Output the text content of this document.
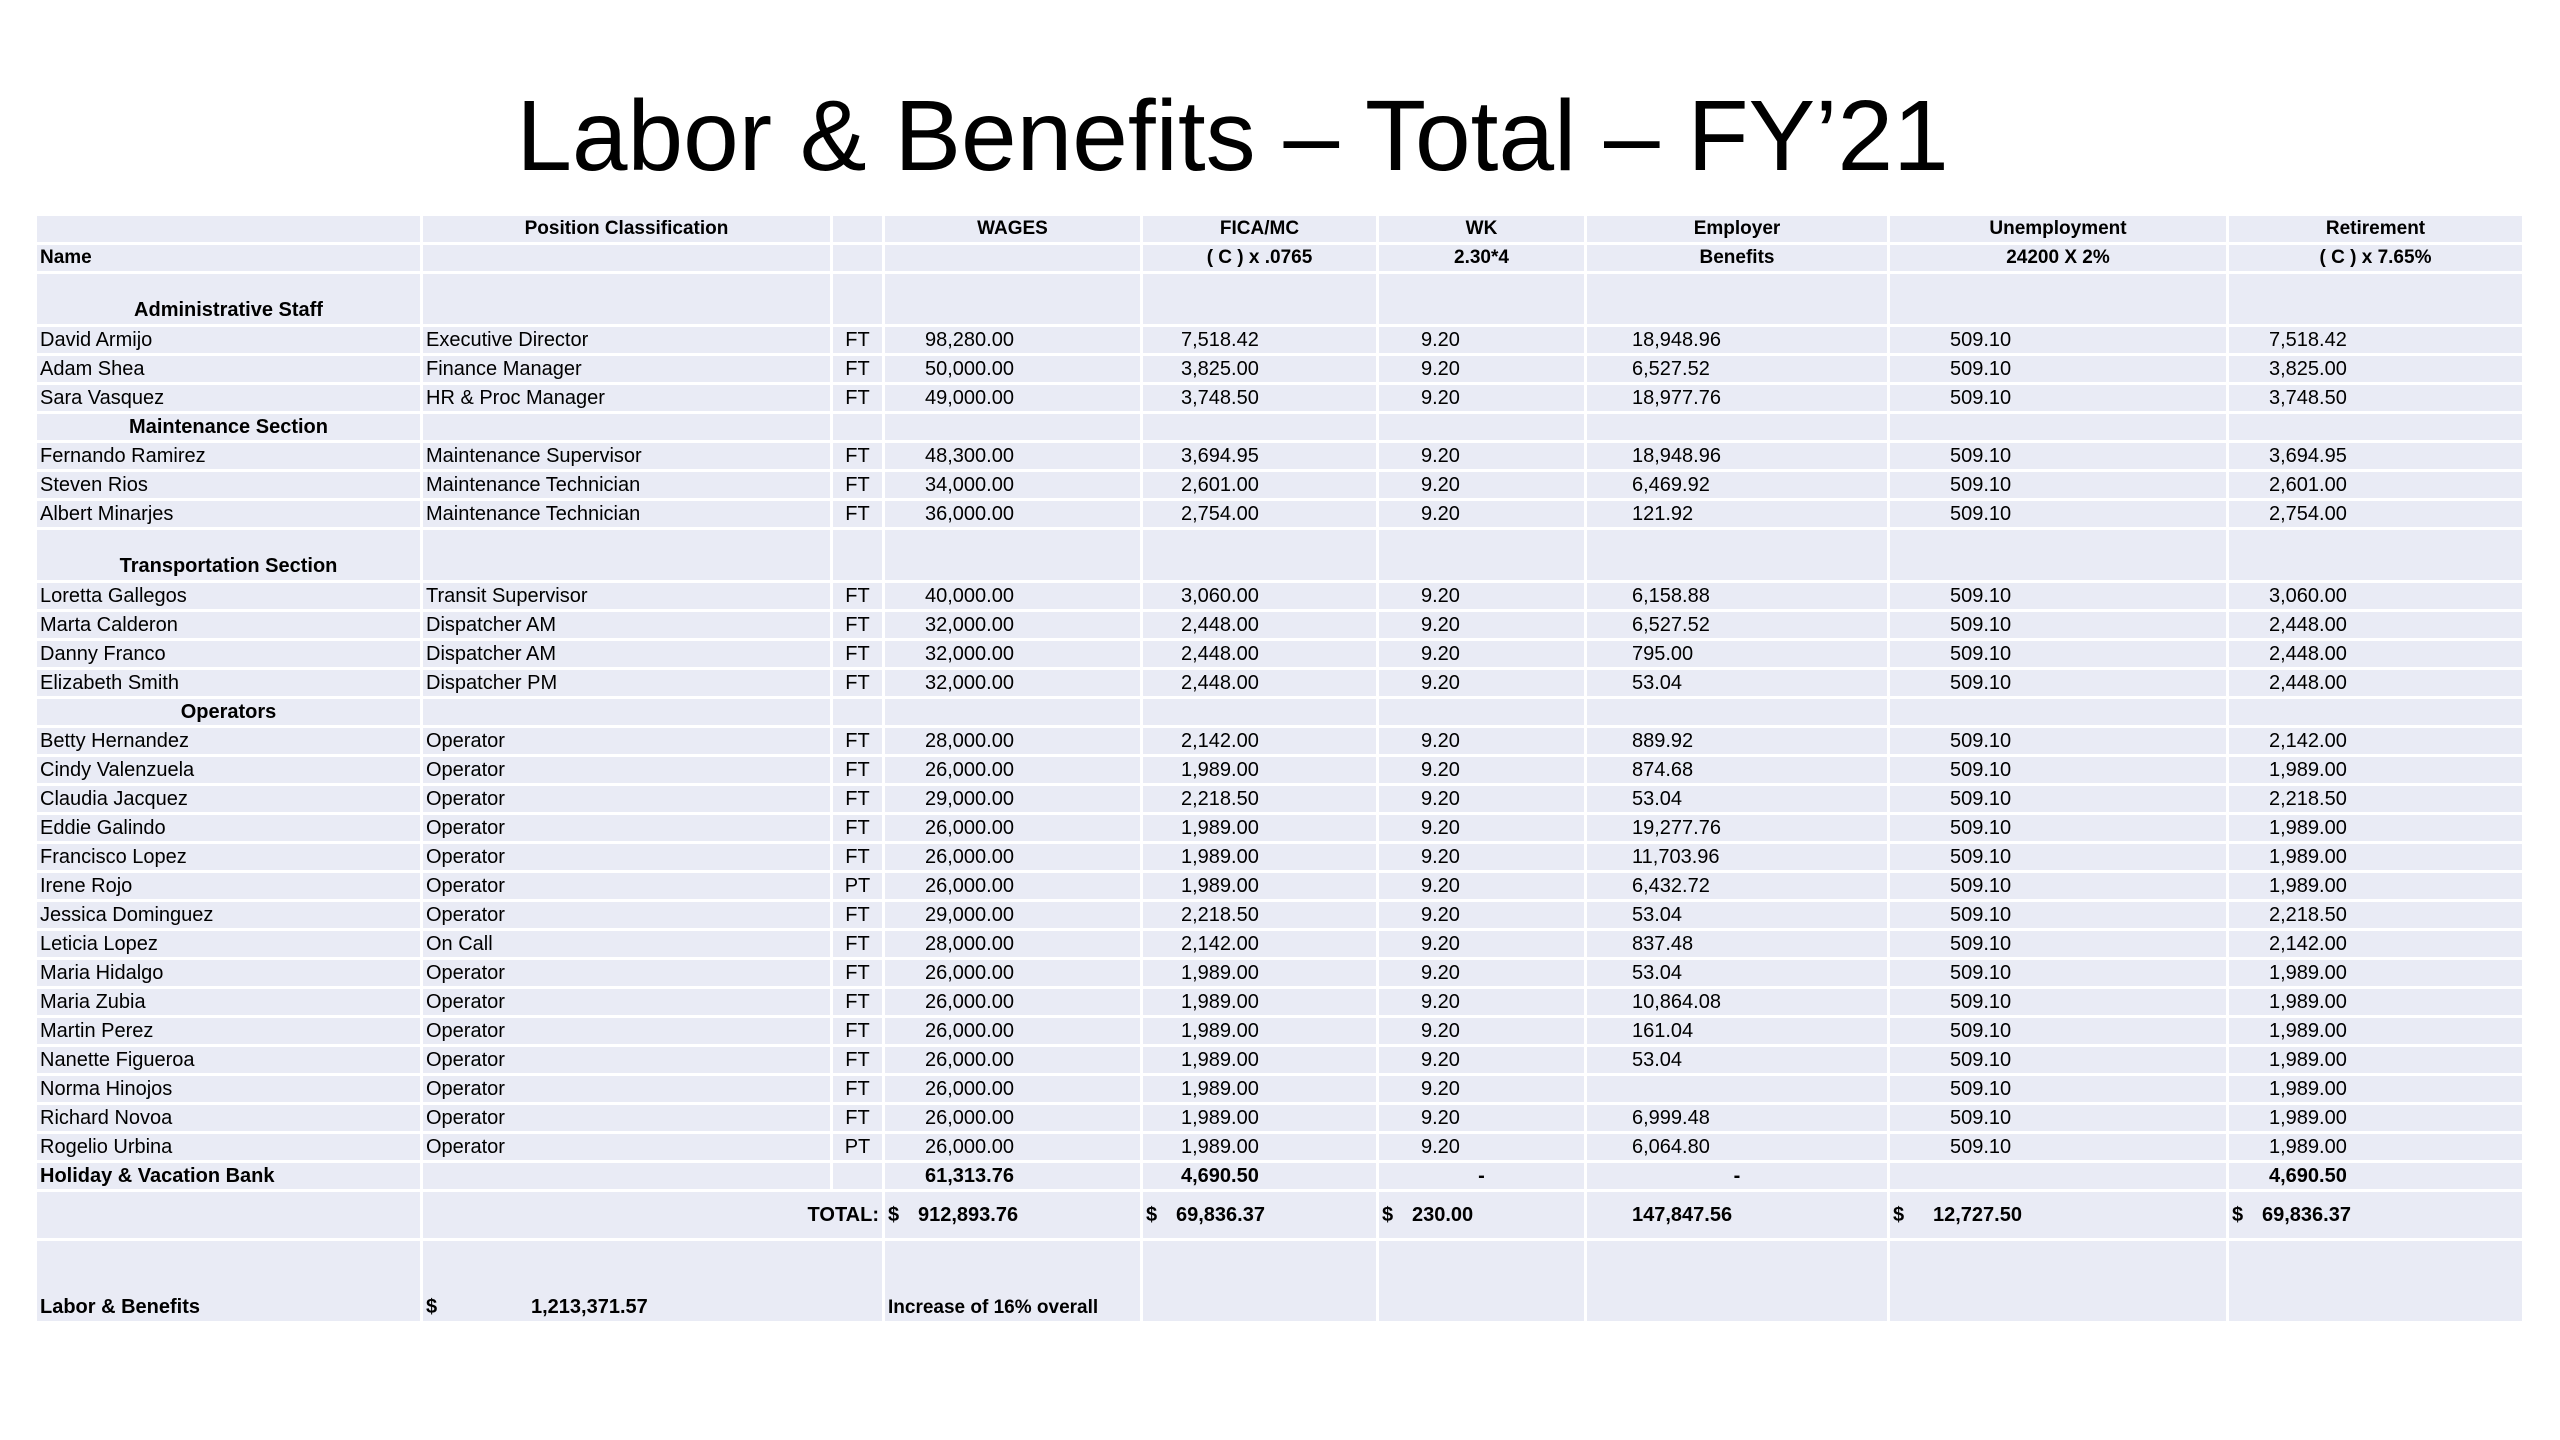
Labor & Benefits – Total – FY’21
	Position Classification		WAGES	FICA/MC	WK	Employer	Unemployment	Retirement
Name				( C ) x .0765	2.30*4	Benefits	24200 X 2%	( C ) x 7.65%
Administrative Staff								
David Armijo	Executive Director	FT	98,280.00	7,518.42	9.20	18,948.96	509.10	7,518.42
Adam Shea	Finance Manager	FT	50,000.00	3,825.00	9.20	6,527.52	509.10	3,825.00
Sara Vasquez	HR & Proc Manager	FT	49,000.00	3,748.50	9.20	18,977.76	509.10	3,748.50
Maintenance Section								
Fernando Ramirez	Maintenance Supervisor	FT	48,300.00	3,694.95	9.20	18,948.96	509.10	3,694.95
Steven Rios	Maintenance Technician	FT	34,000.00	2,601.00	9.20	6,469.92	509.10	2,601.00
Albert Minarjes	Maintenance Technician	FT	36,000.00	2,754.00	9.20	121.92	509.10	2,754.00
Transportation Section								
Loretta Gallegos	Transit Supervisor	FT	40,000.00	3,060.00	9.20	6,158.88	509.10	3,060.00
Marta Calderon	Dispatcher AM	FT	32,000.00	2,448.00	9.20	6,527.52	509.10	2,448.00
Danny Franco	Dispatcher AM	FT	32,000.00	2,448.00	9.20	795.00	509.10	2,448.00
Elizabeth Smith	Dispatcher PM	FT	32,000.00	2,448.00	9.20	53.04	509.10	2,448.00
Operators								
Betty Hernandez	Operator	FT	28,000.00	2,142.00	9.20	889.92	509.10	2,142.00
Cindy Valenzuela	Operator	FT	26,000.00	1,989.00	9.20	874.68	509.10	1,989.00
Claudia Jacquez	Operator	FT	29,000.00	2,218.50	9.20	53.04	509.10	2,218.50
Eddie Galindo	Operator	FT	26,000.00	1,989.00	9.20	19,277.76	509.10	1,989.00
Francisco Lopez	Operator	FT	26,000.00	1,989.00	9.20	11,703.96	509.10	1,989.00
Irene Rojo	Operator	PT	26,000.00	1,989.00	9.20	6,432.72	509.10	1,989.00
Jessica Dominguez	Operator	FT	29,000.00	2,218.50	9.20	53.04	509.10	2,218.50
Leticia Lopez	On Call	FT	28,000.00	2,142.00	9.20	837.48	509.10	2,142.00
Maria Hidalgo	Operator	FT	26,000.00	1,989.00	9.20	53.04	509.10	1,989.00
Maria Zubia	Operator	FT	26,000.00	1,989.00	9.20	10,864.08	509.10	1,989.00
Martin Perez	Operator	FT	26,000.00	1,989.00	9.20	161.04	509.10	1,989.00
Nanette Figueroa	Operator	FT	26,000.00	1,989.00	9.20	53.04	509.10	1,989.00
Norma Hinojos	Operator	FT	26,000.00	1,989.00	9.20		509.10	1,989.00
Richard Novoa	Operator	FT	26,000.00	1,989.00	9.20	6,999.48	509.10	1,989.00
Rogelio Urbina	Operator	PT	26,000.00	1,989.00	9.20	6,064.80	509.10	1,989.00
Holiday & Vacation Bank			61,313.76	4,690.50	-	-		4,690.50
	TOTAL:		$ 912,893.76	$ 69,836.37	$ 230.00	147,847.56	$ 12,727.50	$ 69,836.37
Labor & Benefits	$ 1,213,371.57		Increase of 16% overall					
